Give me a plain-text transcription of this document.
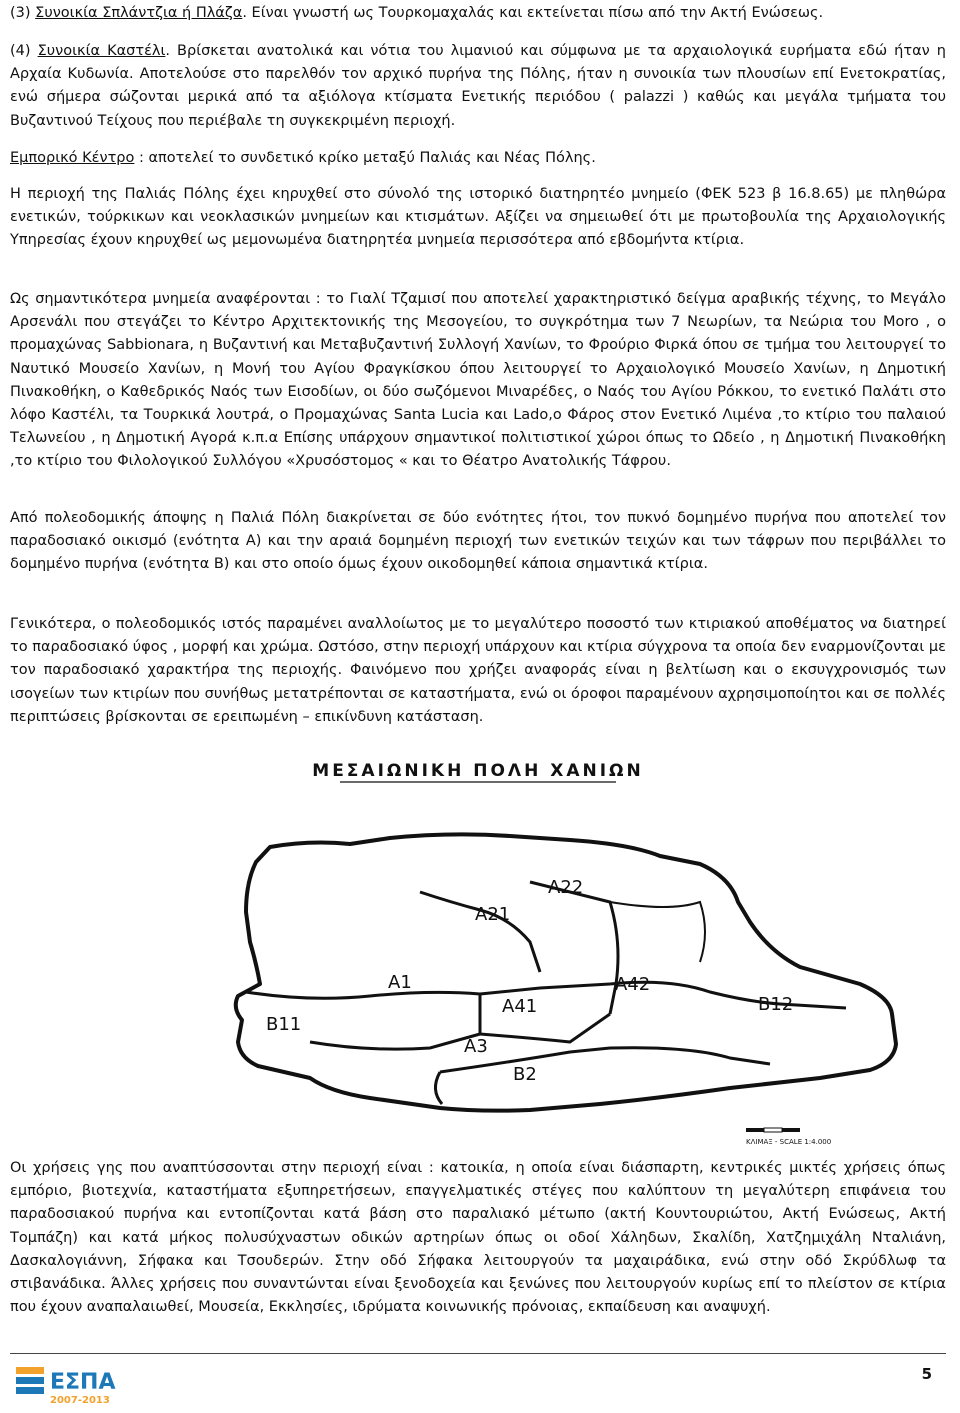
(3) Συνοικία Σπλάντζια ή Πλάζα. Είναι γνωστή ως Τουρκομαχαλάς και εκτείνεται πίσω από την Ακτή Ενώσεως.

(4) Συνοικία Καστέλι. Βρίσκεται ανατολικά και νότια του λιμανιού και σύμφωνα με τα αρχαιολογικά ευρήματα εδώ ήταν η Αρχαία Κυδωνία. Αποτελούσε στο παρελθόν τον αρχικό πυρήνα της Πόλης, ήταν η συνοικία των πλουσίων επί Ενετοκρατίας, ενώ σήμερα σώζονται μερικά από τα αξιόλογα κτίσματα Ενετικής περιόδου ( palazzi ) καθώς και μεγάλα τμήματα του Βυζαντινού Τείχους που περιέβαλε τη συγκεκριμένη περιοχή.

Εμπορικό Κέντρο : αποτελεί το συνδετικό κρίκο μεταξύ Παλιάς και Νέας Πόλης.

Η περιοχή της Παλιάς Πόλης έχει κηρυχθεί στο σύνολό της ιστορικό διατηρητέο μνημείο (ΦΕΚ 523 β 16.8.65) με πληθώρα ενετικών, τούρκικων και νεοκλασικών μνημείων και κτισμάτων. Αξίζει να σημειωθεί ότι με πρωτοβουλία της Αρχαιολογικής Υπηρεσίας έχουν κηρυχθεί ως μεμονωμένα διατηρητέα μνημεία περισσότερα από εβδομήντα κτίρια.

Ως σημαντικότερα μνημεία αναφέρονται : το Γιαλί Τζαμισί που αποτελεί χαρακτηριστικό δείγμα αραβικής τέχνης, το Μεγάλο Αρσενάλι που στεγάζει το Κέντρο Αρχιτεκτονικής της Μεσογείου, το συγκρότημα των 7 Νεωρίων, τα Νεώρια του Moro , ο προμαχώνας Sabbionara, η Βυζαντινή και Μεταβυζαντινή Συλλογή Χανίων, το Φρούριο Φιρκά όπου σε τμήμα του λειτουργεί το Ναυτικό Μουσείο Χανίων, η Μονή του Αγίου Φραγκίσκου όπου λειτουργεί το Αρχαιολογικό Μουσείο Χανίων, η Δημοτική Πινακοθήκη, ο Καθεδρικός Ναός των Εισοδίων, οι δύο σωζόμενοι Μιναρέδες, ο Ναός του Αγίου Ρόκκου, το ενετικό Παλάτι στο λόφο Καστέλι, τα Τουρκικά λουτρά, ο Προμαχώνας Santa Lucia και Lado,ο Φάρος στον Ενετικό Λιμένα ,το κτίριο του παλαιού Τελωνείου , η Δημοτική Αγορά κ.π.α Επίσης υπάρχουν σημαντικοί πολιτιστικοί χώροι όπως το Ωδείο , η Δημοτική Πινακοθήκη ,το κτίριο του Φιλολογικού Συλλόγου «Χρυσόστομος « και το Θέατρο Ανατολικής Τάφρου.

Από πολεοδομικής άποψης η Παλιά Πόλη διακρίνεται σε δύο ενότητες ήτοι, τον πυκνό δομημένο πυρήνα που αποτελεί τον παραδοσιακό οικισμό (ενότητα Α) και την αραιά δομημένη περιοχή των ενετικών τειχών και των τάφρων που περιβάλλει το δομημένο πυρήνα (ενότητα Β) και στο οποίο όμως έχουν οικοδομηθεί κάποια σημαντικά κτίρια.

Γενικότερα, ο πολεοδομικός ιστός παραμένει αναλλοίωτος με το μεγαλύτερο ποσοστό των κτιριακού αποθέματος να διατηρεί το παραδοσιακό ύφος , μορφή και χρώμα. Ωστόσο, στην περιοχή υπάρχουν και κτίρια σύγχρονα τα οποία δεν εναρμονίζονται με τον παραδοσιακό χαρακτήρα της περιοχής. Φαινόμενο που χρήζει αναφοράς είναι η βελτίωση και ο εκσυγχρονισμός των ισογείων των κτιρίων που συνήθως μετατρέπονται σε καταστήματα, ενώ οι όροφοι παραμένουν αχρησιμοποίητοι και σε πολλές περιπτώσεις βρίσκονται σε ερειπωμένη – επικίνδυνη κατάσταση.

ΜΕΣΑΙΩΝΙΚΗ ΠΟΛΗ ΧΑΝΙΩΝ
A1
A21
A22
A41
A42
A3
B11
B12
B2
ΚΛΙΜΑΞ - SCALE 1:4.000

Οι χρήσεις γης που αναπτύσσονται στην περιοχή είναι : κατοικία, η οποία είναι διάσπαρτη, κεντρικές μικτές χρήσεις όπως εμπόριο, βιοτεχνία, καταστήματα εξυπηρετήσεων, επαγγελματικές στέγες που καλύπτουν τη μεγαλύτερη επιφάνεια του παραδοσιακού πυρήνα και εντοπίζονται κατά βάση στο παραλιακό μέτωπο (ακτή Κουντουριώτου, Ακτή Ενώσεως, Ακτή Τομπάζη) και κατά μήκος πολυσύχναστων οδικών αρτηρίων όπως οι οδοί Χάληδων, Σκαλίδη, Χατζημιχάλη Νταλιάνη, Δασκαλογιάννη, Σήφακα και Τσουδερών. Στην οδό Σήφακα λειτουργούν τα μαχαιράδικα, ενώ στην οδό Σκρύδλωφ τα στιβανάδικα. Άλλες χρήσεις που συναντώνται είναι ξενοδοχεία και ξενώνες που λειτουργούν κυρίως επί το πλείστον σε κτίρια που έχουν αναπαλαιωθεί, Μουσεία, Εκκλησίες, ιδρύματα κοινωνικής πρόνοιας, εκπαίδευση και αναψυχή.

ΕΣΠΑ
2007-2013
5
